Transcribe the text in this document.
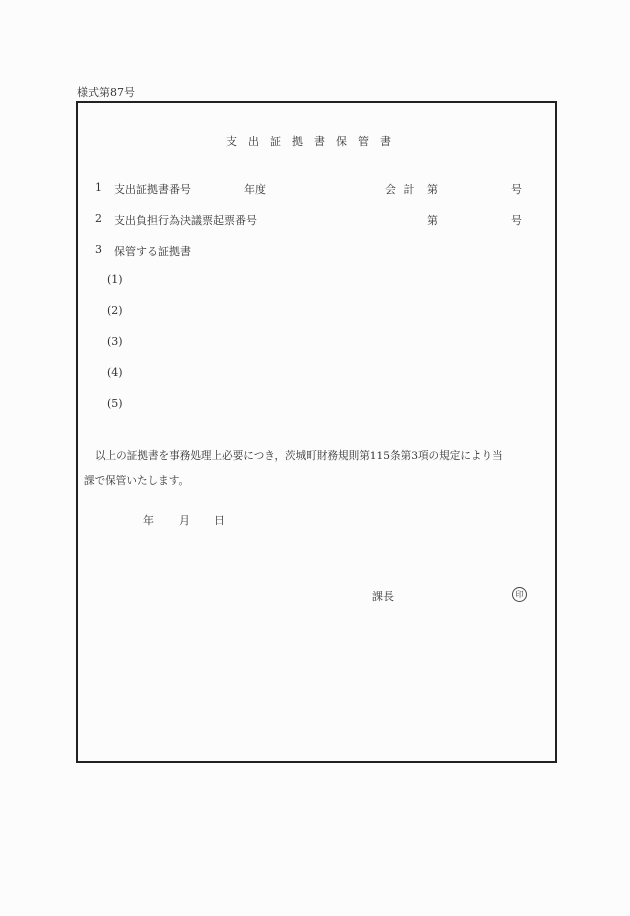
様式第87号
支出証拠書保管書
1 支出証拠書番号	年度	会 計 第	号
2 支出負担行為決議票起票番号	第	号
3 保管する証拠書
(1)
(2)
(3)
(4)
(5)
以上の証拠書を事務処理上必要につき，茨城町財務規則第115条第3項の規定により当
課で保管いたします。
年 月 日
課長	印
